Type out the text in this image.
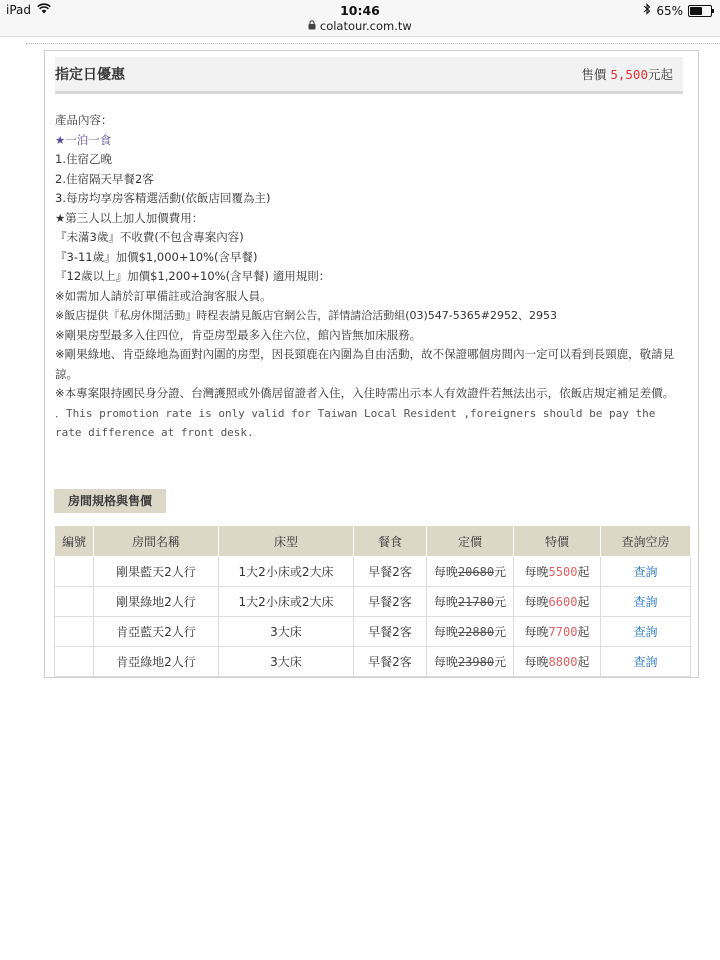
iPad	10:46
colatour.com.tw
65%
指定日優惠	售價 5,500元起
產品內容：
★一泊一食
1.住宿乙晚
2.住宿隔天早餐2客
3.每房均享房客精選活動(依飯店回覆為主)
★第三人以上加人加價費用：
『未滿3歲』不收費(不包含專案內容)
『3-11歲』加價$1,000+10%(含早餐)
『12歲以上』加價$1,200+10%(含早餐) 適用規則：
※如需加人請於訂單備註或洽詢客服人員。
※飯店提供『私房休閒活動』時程表請見飯店官網公告，詳情請洽活動組(03)547-5365#2952、2953
※剛果房型最多入住四位，肯亞房型最多入住六位，館內皆無加床服務。
※剛果綠地、肯亞綠地為面對內圍的房型，因長頸鹿在內圍為自由活動，故不保證哪個房間內一定可以看到長頸鹿，敬請見諒。
※本專案限持國民身分證、台灣護照或外僑居留證者入住，入住時需出示本人有效證件若無法出示，依飯店規定補足差價。
．This promotion rate is only valid for Taiwan Local Resident ,foreigners should be pay the rate difference at front desk.
房間規格與售價
編號	房間名稱	床型	餐食	定價	特價	查詢空房
	剛果藍天2人行	1大2小床或2大床	早餐2客	每晚20680元	每晚5500起	查詢
	剛果綠地2人行	1大2小床或2大床	早餐2客	每晚21780元	每晚6600起	查詢
	肯亞藍天2人行	3大床	早餐2客	每晚22880元	每晚7700起	查詢
	肯亞綠地2人行	3大床	早餐2客	每晚23980元	每晚8800起	查詢
